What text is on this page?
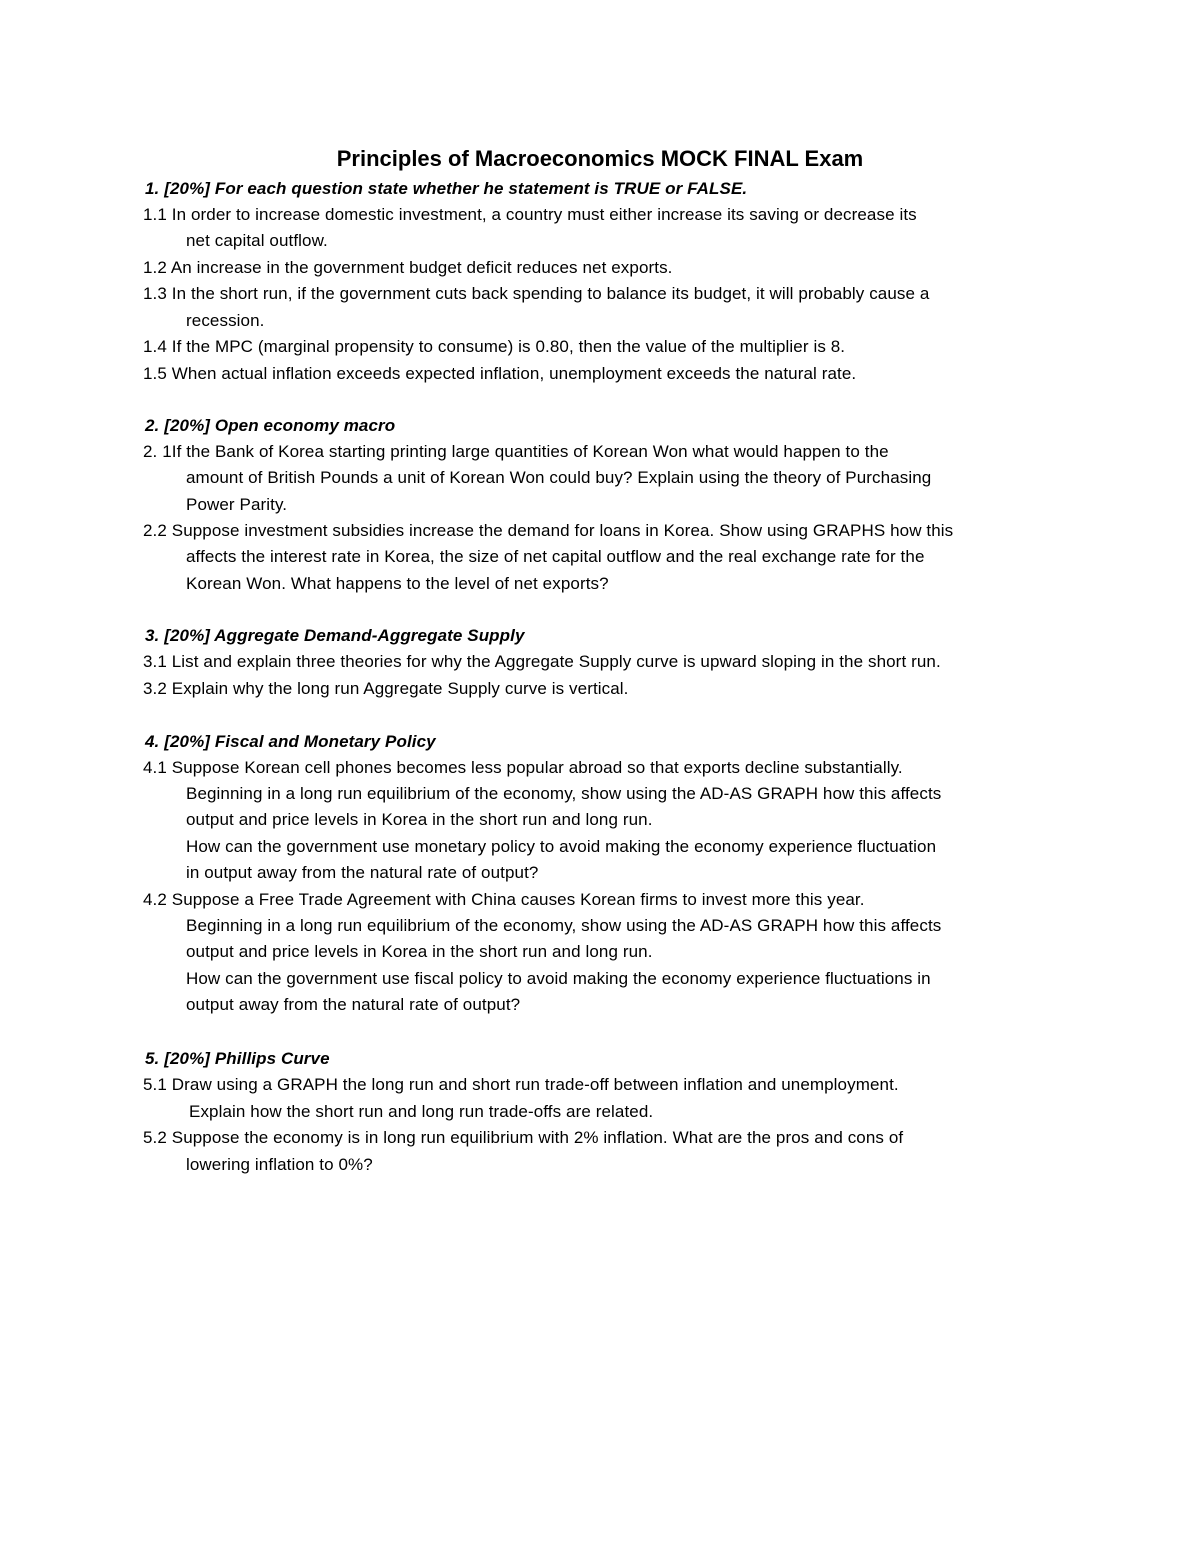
Principles of Macroeconomics MOCK FINAL Exam
1. [20%] For each question state whether he statement is TRUE or FALSE.
1.1 In order to increase domestic investment, a country must either increase its saving or decrease its
net capital outflow.
1.2 An increase in the government budget deficit reduces net exports.
1.3 In the short run, if the government cuts back spending to balance its budget, it will probably cause a
recession.
1.4 If the MPC (marginal propensity to consume) is 0.80, then the value of the multiplier is 8.
1.5 When actual inflation exceeds expected inflation, unemployment exceeds the natural rate.
2. [20%] Open economy macro
2. 1If the Bank of Korea starting printing large quantities of Korean Won what would happen to the
amount of British Pounds a unit of Korean Won could buy? Explain using the theory of Purchasing
Power Parity.
2.2 Suppose investment subsidies increase the demand for loans in Korea. Show using GRAPHS how this
affects the interest rate in Korea, the size of net capital outflow and the real exchange rate for the
Korean Won. What happens to the level of net exports?
3. [20%] Aggregate Demand-Aggregate Supply
3.1 List and explain three theories for why the Aggregate Supply curve is upward sloping in the short run.
3.2 Explain why the long run Aggregate Supply curve is vertical.
4. [20%] Fiscal and Monetary Policy
4.1 Suppose Korean cell phones becomes less popular abroad so that exports decline substantially.
Beginning in a long run equilibrium of the economy, show using the AD-AS GRAPH how this affects
output and price levels in Korea in the short run and long run.
How can the government use monetary policy to avoid making the economy experience fluctuation
in output away from the natural rate of output?
4.2 Suppose a Free Trade Agreement with China causes Korean firms to invest more this year.
Beginning in a long run equilibrium of the economy, show using the AD-AS GRAPH how this affects
output and price levels in Korea in the short run and long run.
How can the government use fiscal policy to avoid making the economy experience fluctuations in
output away from the natural rate of output?
5. [20%] Phillips Curve
5.1 Draw using a GRAPH the long run and short run trade-off between inflation and unemployment.
Explain how the short run and long run trade-offs are related.
5.2 Suppose the economy is in long run equilibrium with 2% inflation. What are the pros and cons of
lowering inflation to 0%?
